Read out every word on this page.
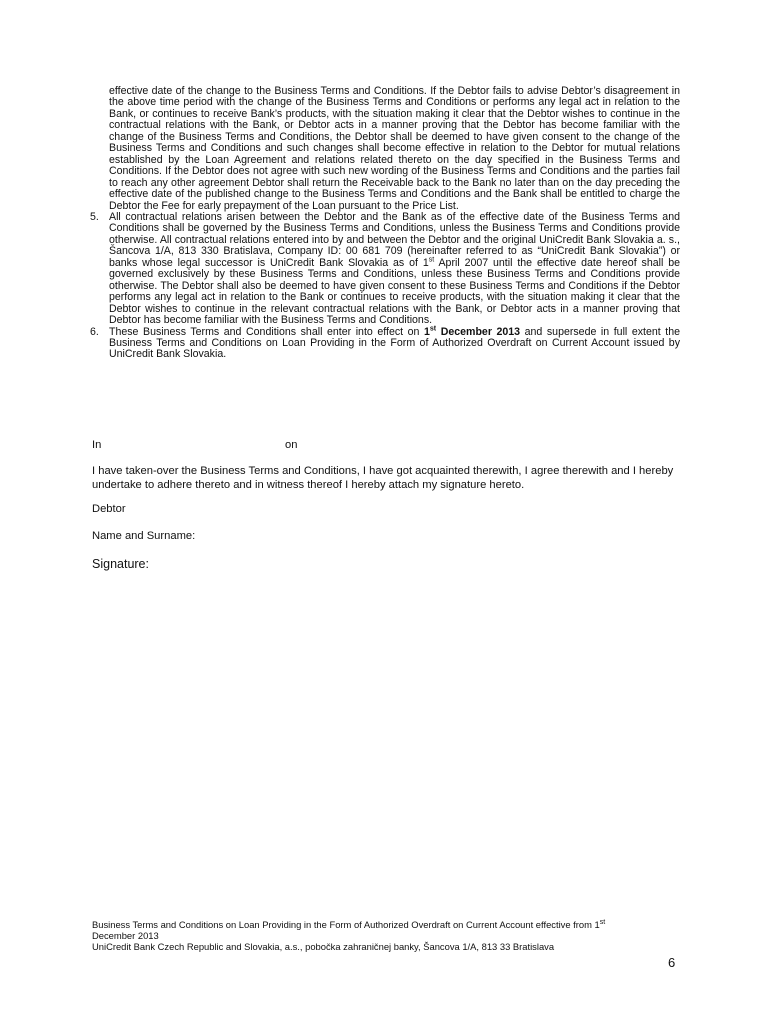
effective date of the change to the Business Terms and Conditions. If the Debtor fails to advise Debtor’s disagreement in the above time period with the change of the Business Terms and Conditions or performs any legal act in relation to the Bank, or continues to receive Bank’s products, with the situation making it clear that the Debtor wishes to continue in the contractual relations with the Bank, or Debtor acts in a manner proving that the Debtor has become familiar with the change of the Business Terms and Conditions, the Debtor shall be deemed to have given consent to the change of the Business Terms and Conditions and such changes shall become effective in relation to the Debtor for mutual relations established by the Loan Agreement and relations related thereto on the day specified in the Business Terms and Conditions. If the Debtor does not agree with such new wording of the Business Terms and Conditions and the parties fail to reach any other agreement Debtor shall return the Receivable back to the Bank no later than on the day preceding the effective date of the published change to the Business Terms and Conditions and the Bank shall be entitled to charge the Debtor the Fee for early prepayment of the Loan pursuant to the Price List.

5. All contractual relations arisen between the Debtor and the Bank as of the effective date of the Business Terms and Conditions shall be governed by the Business Terms and Conditions, unless the Business Terms and Conditions provide otherwise. All contractual relations entered into by and between the Debtor and the original UniCredit Bank Slovakia a. s., Šancova 1/A, 813 330 Bratislava, Company ID: 00 681 709 (hereinafter referred to as “UniCredit Bank Slovakia”) or banks whose legal successor is UniCredit Bank Slovakia as of 1st April 2007 until the effective date hereof shall be governed exclusively by these Business Terms and Conditions, unless these Business Terms and Conditions provide otherwise. The Debtor shall also be deemed to have given consent to these Business Terms and Conditions if the Debtor performs any legal act in relation to the Bank or continues to receive products, with the situation making it clear that the Debtor wishes to continue in the relevant contractual relations with the Bank, or Debtor acts in a manner proving that Debtor has become familiar with the Business Terms and Conditions.
6. These Business Terms and Conditions shall enter into effect on 1st December 2013 and supersede in full extent the Business Terms and Conditions on Loan Providing in the Form of Authorized Overdraft on Current Account issued by UniCredit Bank Slovakia.
In	on
I have taken-over the Business Terms and Conditions, I have got acquainted therewith, I agree therewith and I hereby undertake to adhere thereto and in witness thereof I hereby attach my signature hereto.
Debtor
Name and Surname:
Signature:
Business Terms and Conditions on Loan Providing in the Form of Authorized Overdraft on Current Account effective from 1st
December 2013
UniCredit Bank Czech Republic and Slovakia, a.s., pobočka zahraničnej banky, Šancova 1/A, 813 33 Bratislava
6
